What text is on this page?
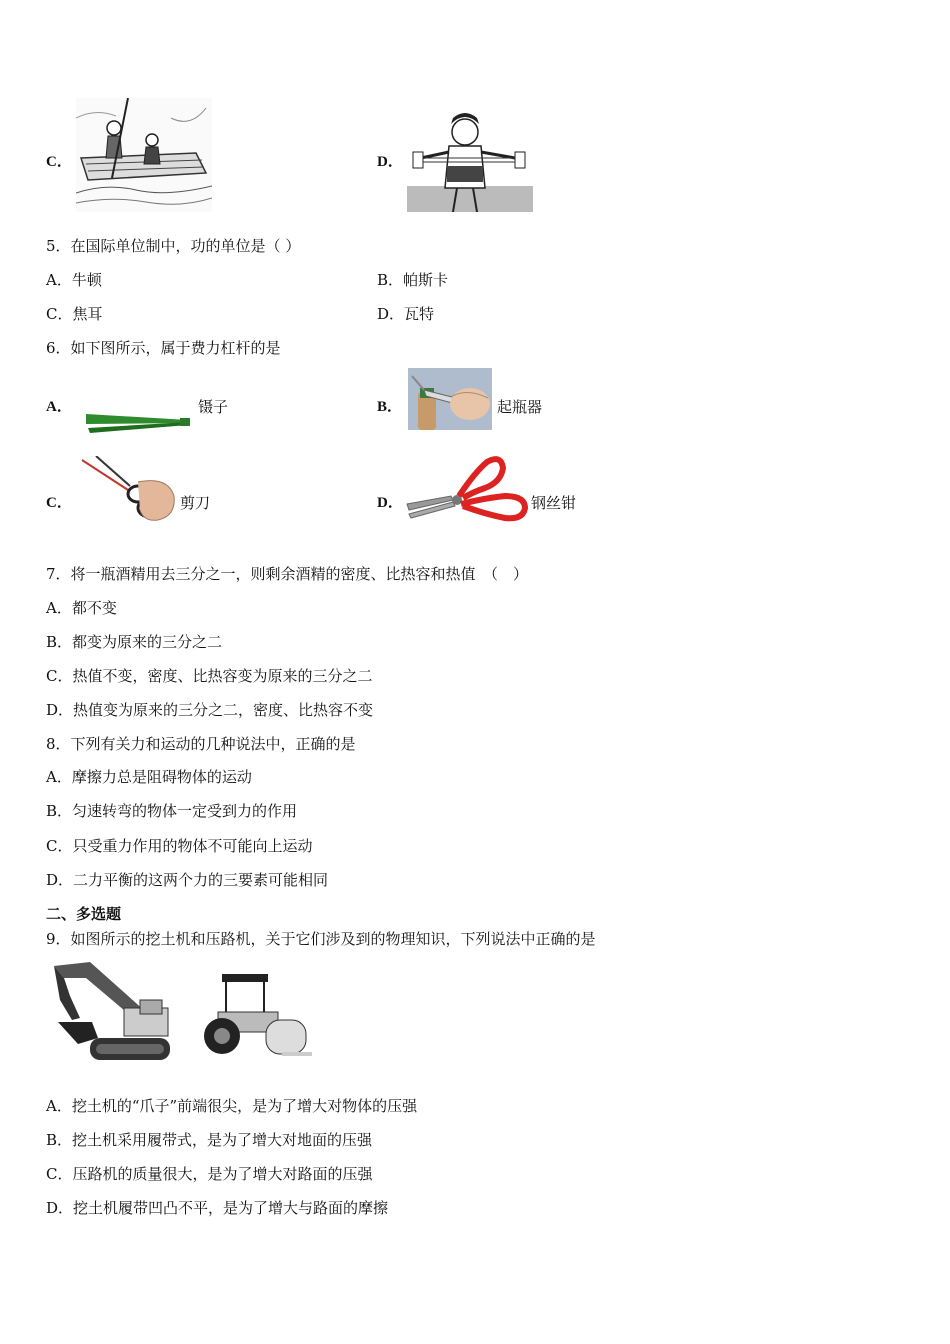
C．	D．
5．在国际单位制中，功的单位是（ ）
A．牛顿	B．帕斯卡
C．焦耳	D．瓦特
6．如下图所示，属于费力杠杆的是
A．	镊子	B．	起瓶器
C．	剪刀	D．	钢丝钳
7．将一瓶酒精用去三分之一，则剩余酒精的密度、比热容和热值　（　）
A．都不变
B．都变为原来的三分之二
C．热值不变，密度、比热容变为原来的三分之二
D．热值变为原来的三分之二，密度、比热容不变
8．下列有关力和运动的几种说法中，正确的是
A．摩擦力总是阻碍物体的运动
B．匀速转弯的物体一定受到力的作用
C．只受重力作用的物体不可能向上运动
D．二力平衡的这两个力的三要素可能相同
二、多选题
9．如图所示的挖土机和压路机，关于它们涉及到的物理知识，下列说法中正确的是
A．挖土机的“爪子”前端很尖，是为了增大对物体的压强
B．挖土机采用履带式，是为了增大对地面的压强
C．压路机的质量很大，是为了增大对路面的压强
D．挖土机履带凹凸不平，是为了增大与路面的摩擦
